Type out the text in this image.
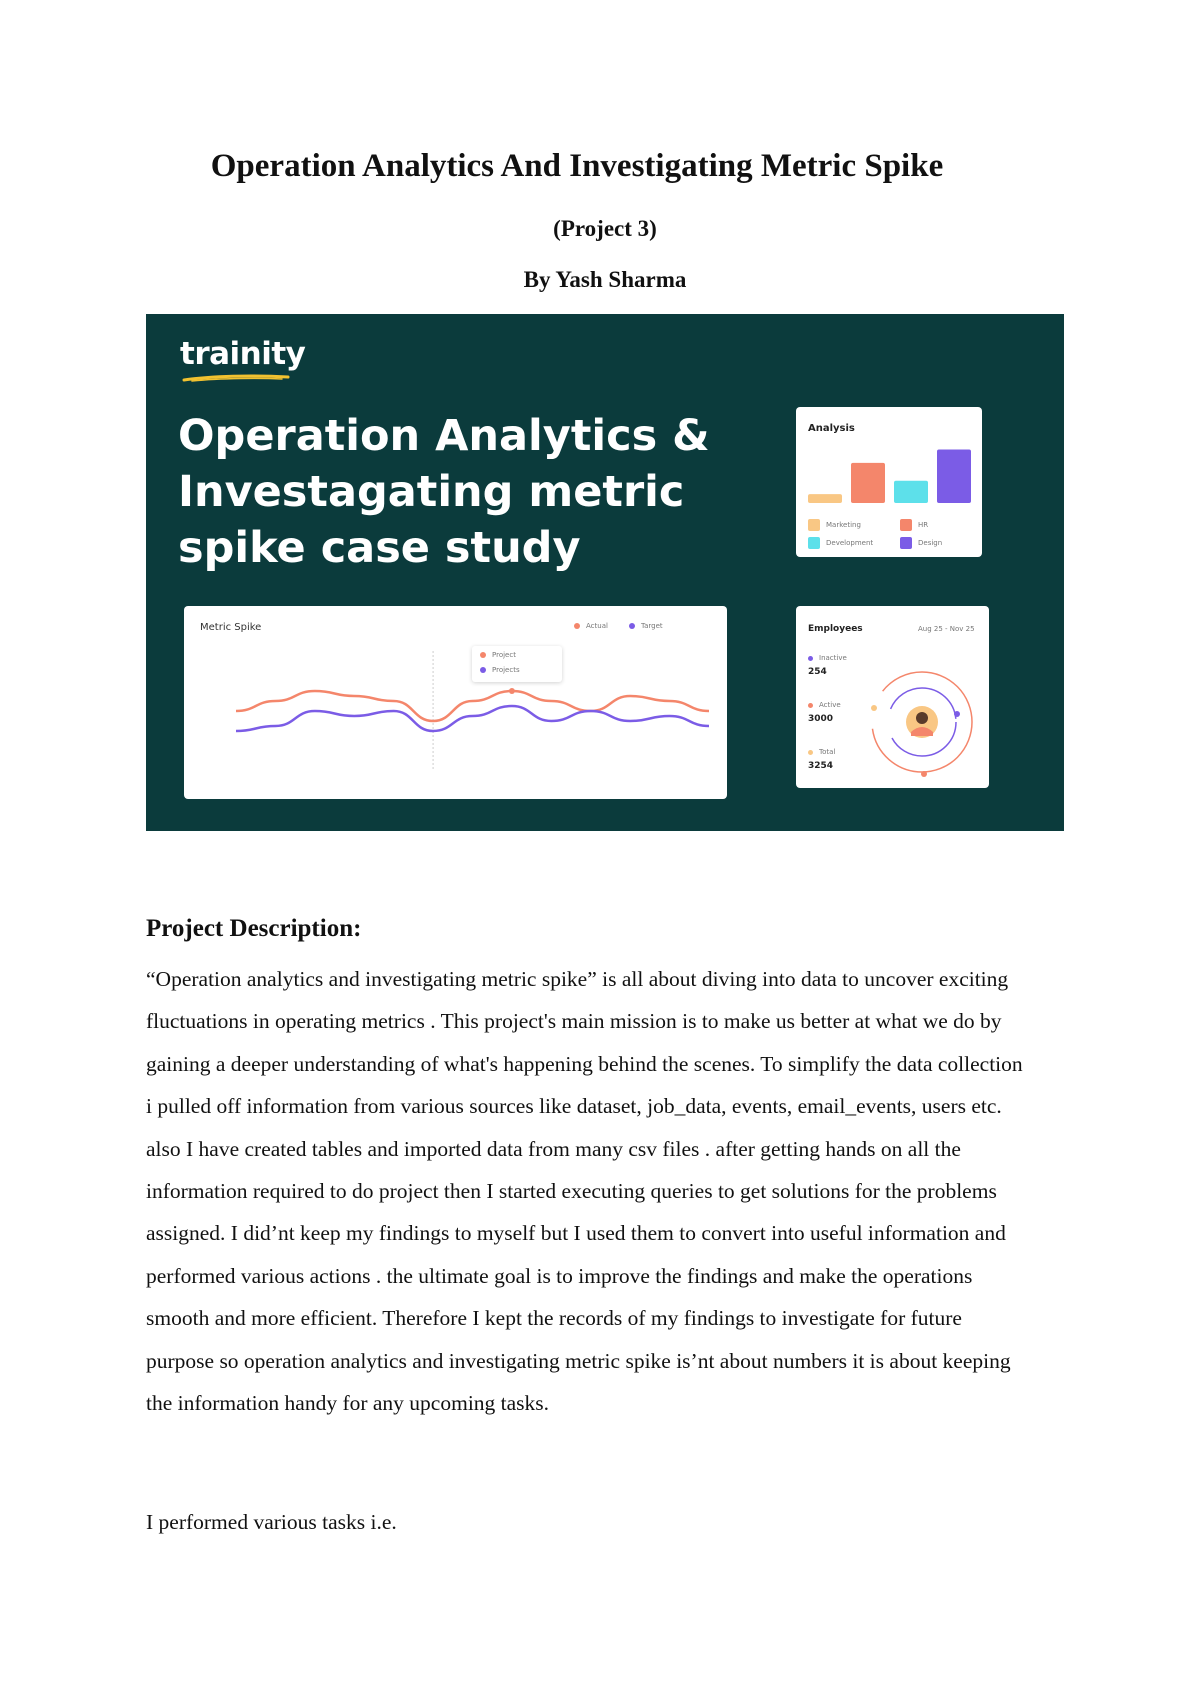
Operation Analytics And Investigating Metric Spike

(Project 3)

By Yash Sharma

trainity
Operation Analytics & Investagating metric spike case study
Analysis
Marketing	HR
Development	Design
Metric Spike	Actual	Target
Project
Projects
Employees	Aug 25 - Nov 25
Inactive
254
Active
3000
Total
3254
Project Description:

“Operation analytics and investigating metric spike” is all about diving into data to uncover exciting fluctuations in operating metrics . This project's main mission is to make us better at what we do by gaining a deeper understanding of what's happening behind the scenes. To simplify the data collection i pulled off information from various sources like dataset, job_data, events, email_events, users etc. also I have created tables and imported data from many csv files . after getting hands on all the information required to do project then I started executing queries to get solutions for the problems assigned. I did’nt keep my findings to myself but I used them to convert into useful information and performed various actions . the ultimate goal is to improve the findings and make the operations smooth and more efficient. Therefore I kept the records of my findings to investigate for future purpose so operation analytics and investigating metric spike is’nt about numbers it is about keeping the information handy for any upcoming tasks.

I performed various tasks i.e.
